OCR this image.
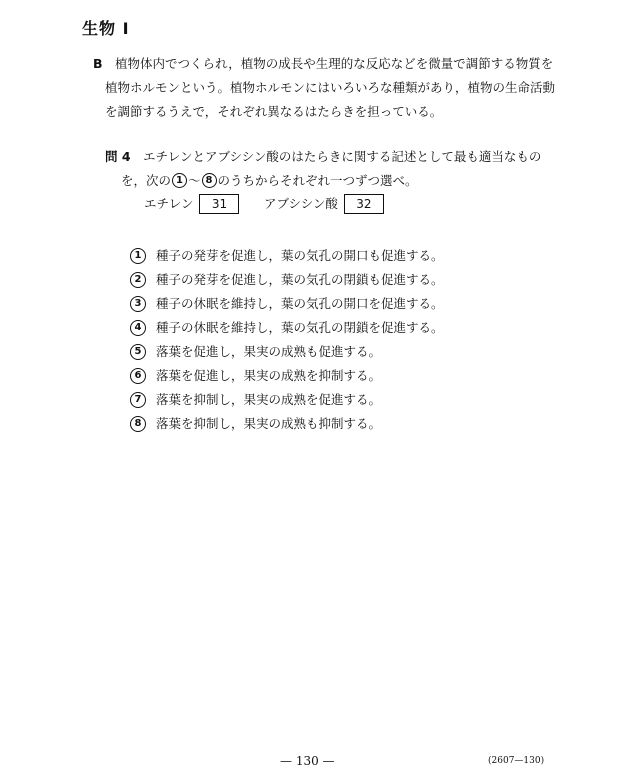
生物 I
B 植物体内でつくられ，植物の成長や生理的な反応などを微量で調節する物質を
植物ホルモンという。植物ホルモンにはいろいろな種類があり，植物の生命活動
を調節するうえで，それぞれ異なるはたらきを担っている。
問 4 エチレンとアブシシン酸のはたらきに関する記述として最も適当なもの
を，次の 1 ～ 8 のうちからそれぞれ一つずつ選べ。
エチレン 31	アブシシン酸 32
1 種子の発芽を促進し，葉の気孔の開口も促進する。
2 種子の発芽を促進し，葉の気孔の閉鎖も促進する。
3 種子の休眠を維持し，葉の気孔の開口を促進する。
4 種子の休眠を維持し，葉の気孔の閉鎖を促進する。
5 落葉を促進し，果実の成熟も促進する。
6 落葉を促進し，果実の成熟を抑制する。
7 落葉を抑制し，果実の成熟を促進する。
8 落葉を抑制し，果実の成熟も抑制する。
— 130 —	(2607—130)
